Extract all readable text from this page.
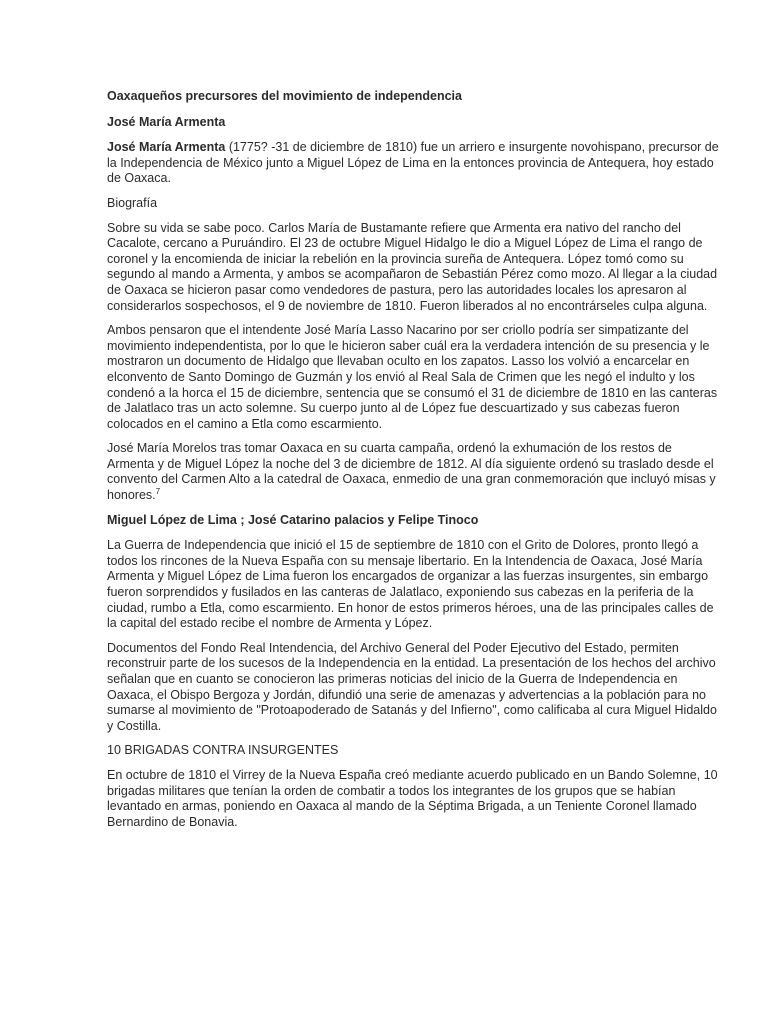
Oaxaqueños precursores del movimiento de independencia

José María Armenta

José María Armenta (1775? -31 de diciembre de 1810) fue un arriero e insurgente novohispano, precursor de la Independencia de México junto a Miguel López de Lima en la entonces provincia de Antequera, hoy estado de Oaxaca.

Biografía

Sobre su vida se sabe poco. Carlos María de Bustamante refiere que Armenta era nativo del rancho del Cacalote, cercano a Puruándiro. El 23 de octubre Miguel Hidalgo le dio a Miguel López de Lima el rango de coronel y la encomienda de iniciar la rebelión en la provincia sureña de Antequera. López tomó como su segundo al mando a Armenta, y ambos se acompañaron de Sebastián Pérez como mozo. Al llegar a la ciudad de Oaxaca se hicieron pasar como vendedores de pastura, pero las autoridades locales los apresaron al considerarlos sospechosos, el 9 de noviembre de 1810. Fueron liberados al no encontrárseles culpa alguna.

Ambos pensaron que el intendente José María Lasso Nacarino por ser criollo podría ser simpatizante del movimiento independentista, por lo que le hicieron saber cuál era la verdadera intención de su presencia y le mostraron un documento de Hidalgo que llevaban oculto en los zapatos. Lasso los volvió a encarcelar en elconvento de Santo Domingo de Guzmán y los envió al Real Sala de Crimen que les negó el indulto y los condenó a la horca el 15 de diciembre, sentencia que se consumó el 31 de diciembre de 1810 en las canteras de Jalatlaco tras un acto solemne. Su cuerpo junto al de López fue descuartizado y sus cabezas fueron colocados en el camino a Etla como escarmiento.

José María Morelos tras tomar Oaxaca en su cuarta campaña, ordenó la exhumación de los restos de Armenta y de Miguel López la noche del 3 de diciembre de 1812. Al día siguiente ordenó su traslado desde el convento del Carmen Alto a la catedral de Oaxaca, enmedio de una gran conmemoración que incluyó misas y honores.$^7$

Miguel López de Lima ; José Catarino palacios y Felipe Tinoco

La Guerra de Independencia que inició el 15 de septiembre de 1810 con el Grito de Dolores, pronto llegó a todos los rincones de la Nueva España con su mensaje libertario. En la Intendencia de Oaxaca, José María Armenta y Miguel López de Lima fueron los encargados de organizar a las fuerzas insurgentes, sin embargo fueron sorprendidos y fusilados en las canteras de Jalatlaco, exponiendo sus cabezas en la periferia de la ciudad, rumbo a Etla, como escarmiento. En honor de estos primeros héroes, una de las principales calles de la capital del estado recibe el nombre de Armenta y López.

Documentos del Fondo Real Intendencia, del Archivo General del Poder Ejecutivo del Estado, permiten reconstruir parte de los sucesos de la Independencia en la entidad. La presentación de los hechos del archivo señalan que en cuanto se conocieron las primeras noticias del inicio de la Guerra de Independencia en Oaxaca, el Obispo Bergoza y Jordán, difundió una serie de amenazas y advertencias a la población para no sumarse al movimiento de "Protoapoderado de Satanás y del Infierno", como calificaba al cura Miguel Hidaldo y Costilla.

10 BRIGADAS CONTRA INSURGENTES

En octubre de 1810 el Virrey de la Nueva España creó mediante acuerdo publicado en un Bando Solemne, 10 brigadas militares que tenían la orden de combatir a todos los integrantes de los grupos que se habían levantado en armas, poniendo en Oaxaca al mando de la Séptima Brigada, a un Teniente Coronel llamado Bernardino de Bonavia.
